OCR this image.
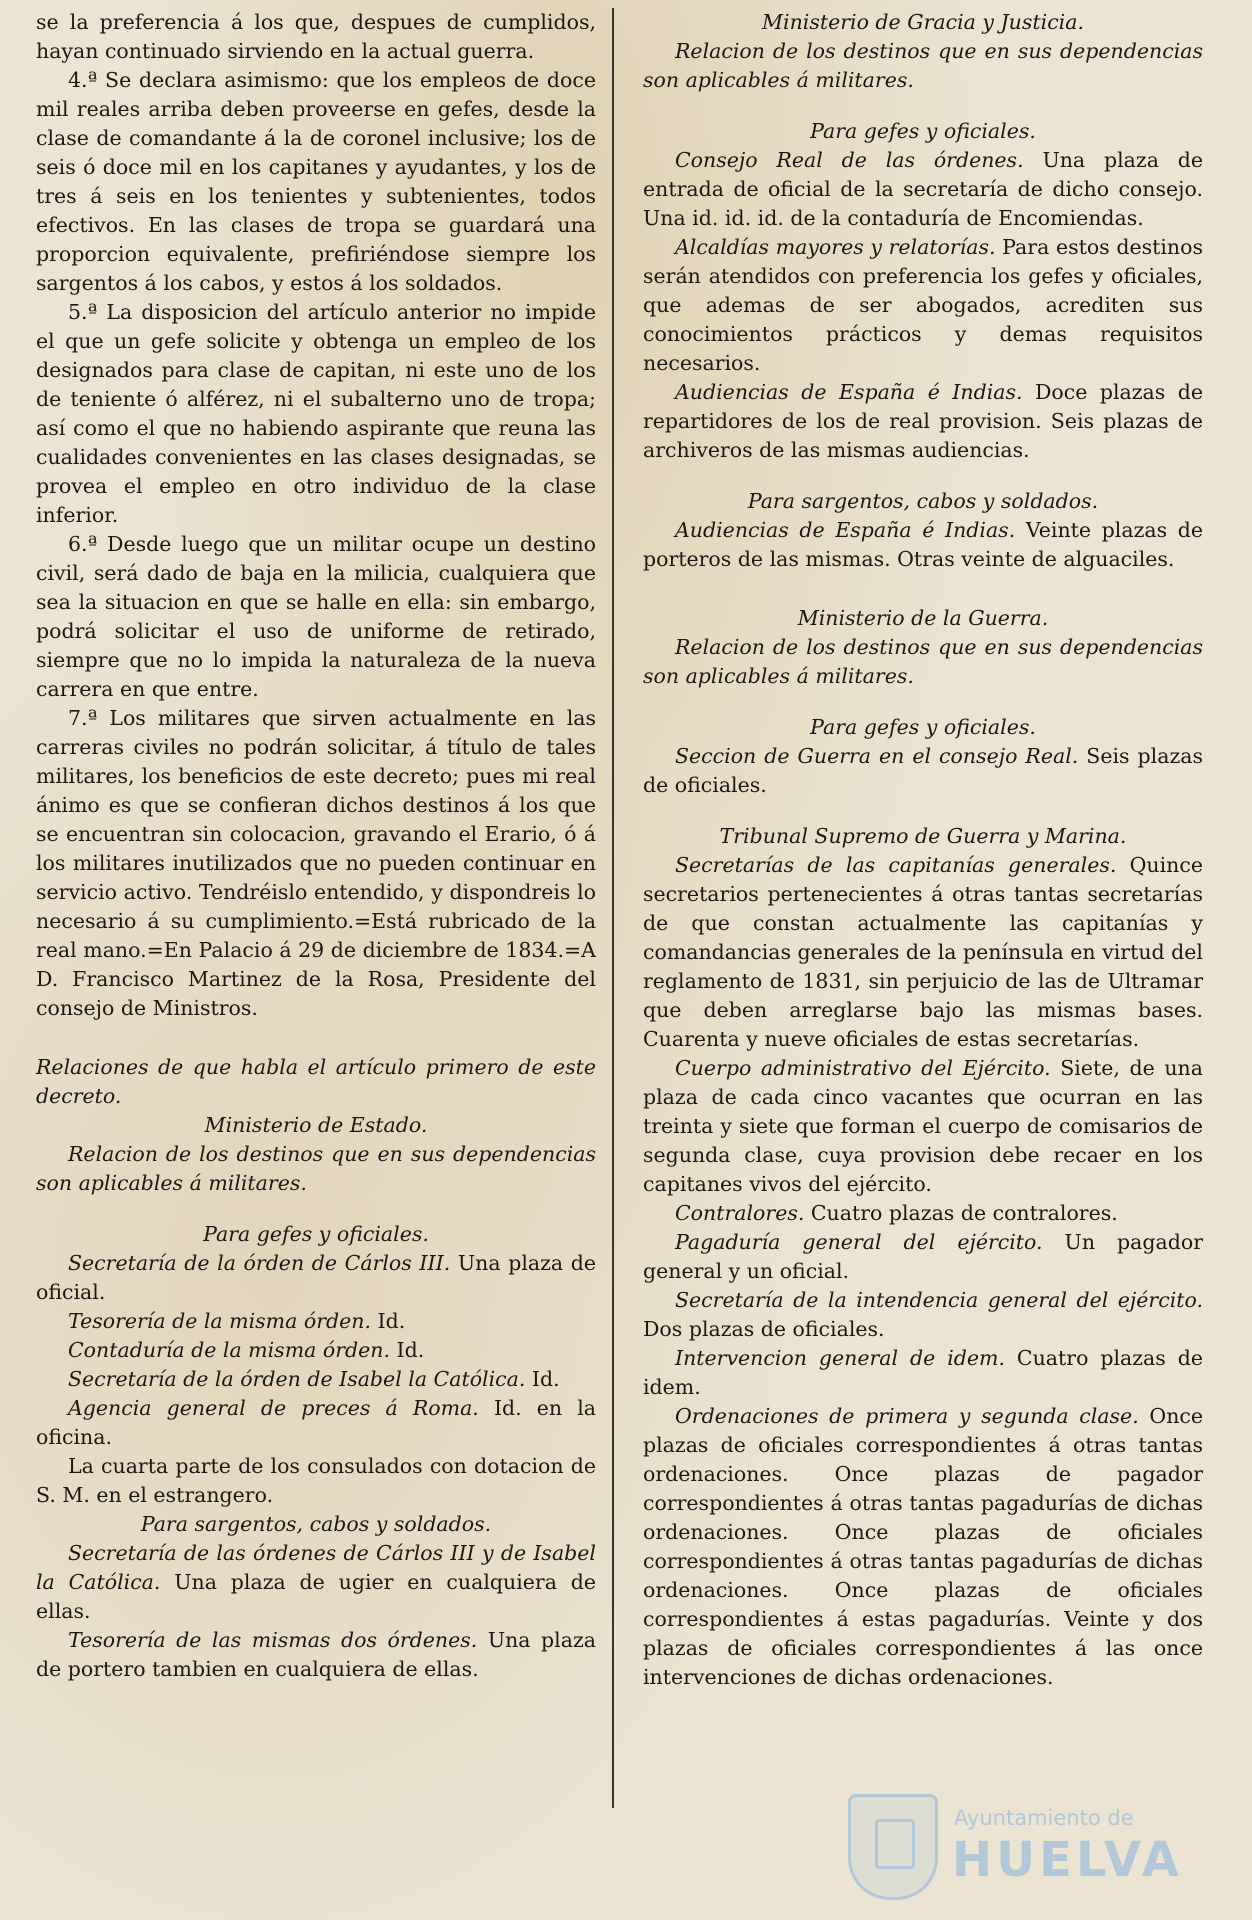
se la preferencia á los que, despues de cumplidos, hayan continuado sirviendo en la actual guerra.

4.ª Se declara asimismo: que los empleos de doce mil reales arriba deben proveerse en gefes, desde la clase de comandante á la de coronel inclusive; los de seis ó doce mil en los capitanes y ayudantes, y los de tres á seis en los tenientes y subtenientes, todos efectivos. En las clases de tropa se guardará una proporcion equivalente, prefiriéndose siempre los sargentos á los cabos, y estos á los soldados.

5.ª La disposicion del artículo anterior no impide el que un gefe solicite y obtenga un empleo de los designados para clase de capitan, ni este uno de los de teniente ó alférez, ni el subalterno uno de tropa; así como el que no habiendo aspirante que reuna las cualidades convenientes en las clases designadas, se provea el empleo en otro individuo de la clase inferior.

6.ª Desde luego que un militar ocupe un destino civil, será dado de baja en la milicia, cualquiera que sea la situacion en que se halle en ella: sin embargo, podrá solicitar el uso de uniforme de retirado, siempre que no lo impida la naturaleza de la nueva carrera en que entre.

7.ª Los militares que sirven actualmente en las carreras civiles no podrán solicitar, á título de tales militares, los beneficios de este decreto; pues mi real ánimo es que se confieran dichos destinos á los que se encuentran sin colocacion, gravando el Erario, ó á los militares inutilizados que no pueden continuar en servicio activo. Tendréislo entendido, y dispondreis lo necesario á su cumplimiento.=Está rubricado de la real mano.=En Palacio á 29 de diciembre de 1834.=A D. Francisco Martinez de la Rosa, Presidente del consejo de Ministros.

Relaciones de que habla el artículo primero de este decreto.

Ministerio de Estado.

Relacion de los destinos que en sus dependencias son aplicables á militares.

Para gefes y oficiales.

Secretaría de la órden de Cárlos III. Una plaza de oficial.

Tesorería de la misma órden. Id.

Contaduría de la misma órden. Id.

Secretaría de la órden de Isabel la Católica. Id.

Agencia general de preces á Roma. Id. en la oficina.

La cuarta parte de los consulados con dotacion de S. M. en el estrangero.

Para sargentos, cabos y soldados.

Secretaría de las órdenes de Cárlos III y de Isabel la Católica. Una plaza de ugier en cualquiera de ellas.

Tesorería de las mismas dos órdenes. Una plaza de portero tambien en cualquiera de ellas.

Ministerio de Gracia y Justicia.

Relacion de los destinos que en sus dependencias son aplicables á militares.

Para gefes y oficiales.

Consejo Real de las órdenes. Una plaza de entrada de oficial de la secretaría de dicho consejo. Una id. id. id. de la contaduría de Encomiendas.

Alcaldías mayores y relatorías. Para estos destinos serán atendidos con preferencia los gefes y oficiales, que ademas de ser abogados, acrediten sus conocimientos prácticos y demas requisitos necesarios.

Audiencias de España é Indias. Doce plazas de repartidores de los de real provision. Seis plazas de archiveros de las mismas audiencias.

Para sargentos, cabos y soldados.

Audiencias de España é Indias. Veinte plazas de porteros de las mismas. Otras veinte de alguaciles.

Ministerio de la Guerra.

Relacion de los destinos que en sus dependencias son aplicables á militares.

Para gefes y oficiales.

Seccion de Guerra en el consejo Real. Seis plazas de oficiales.

Tribunal Supremo de Guerra y Marina.

Secretarías de las capitanías generales. Quince secretarios pertenecientes á otras tantas secretarías de que constan actualmente las capitanías y comandancias generales de la península en virtud del reglamento de 1831, sin perjuicio de las de Ultramar que deben arreglarse bajo las mismas bases. Cuarenta y nueve oficiales de estas secretarías.

Cuerpo administrativo del Ejército. Siete, de una plaza de cada cinco vacantes que ocurran en las treinta y siete que forman el cuerpo de comisarios de segunda clase, cuya provision debe recaer en los capitanes vivos del ejército.

Contralores. Cuatro plazas de contralores.

Pagaduría general del ejército. Un pagador general y un oficial.

Secretaría de la intendencia general del ejército. Dos plazas de oficiales.

Intervencion general de idem. Cuatro plazas de idem.

Ordenaciones de primera y segunda clase. Once plazas de oficiales correspondientes á otras tantas ordenaciones. Once plazas de pagador correspondientes á otras tantas pagadurías de dichas ordenaciones. Once plazas de oficiales correspondientes á otras tantas pagadurías de dichas ordenaciones. Once plazas de oficiales correspondientes á estas pagadurías. Veinte y dos plazas de oficiales correspondientes á las once intervenciones de dichas ordenaciones.

Ayuntamiento de
HUELVA
